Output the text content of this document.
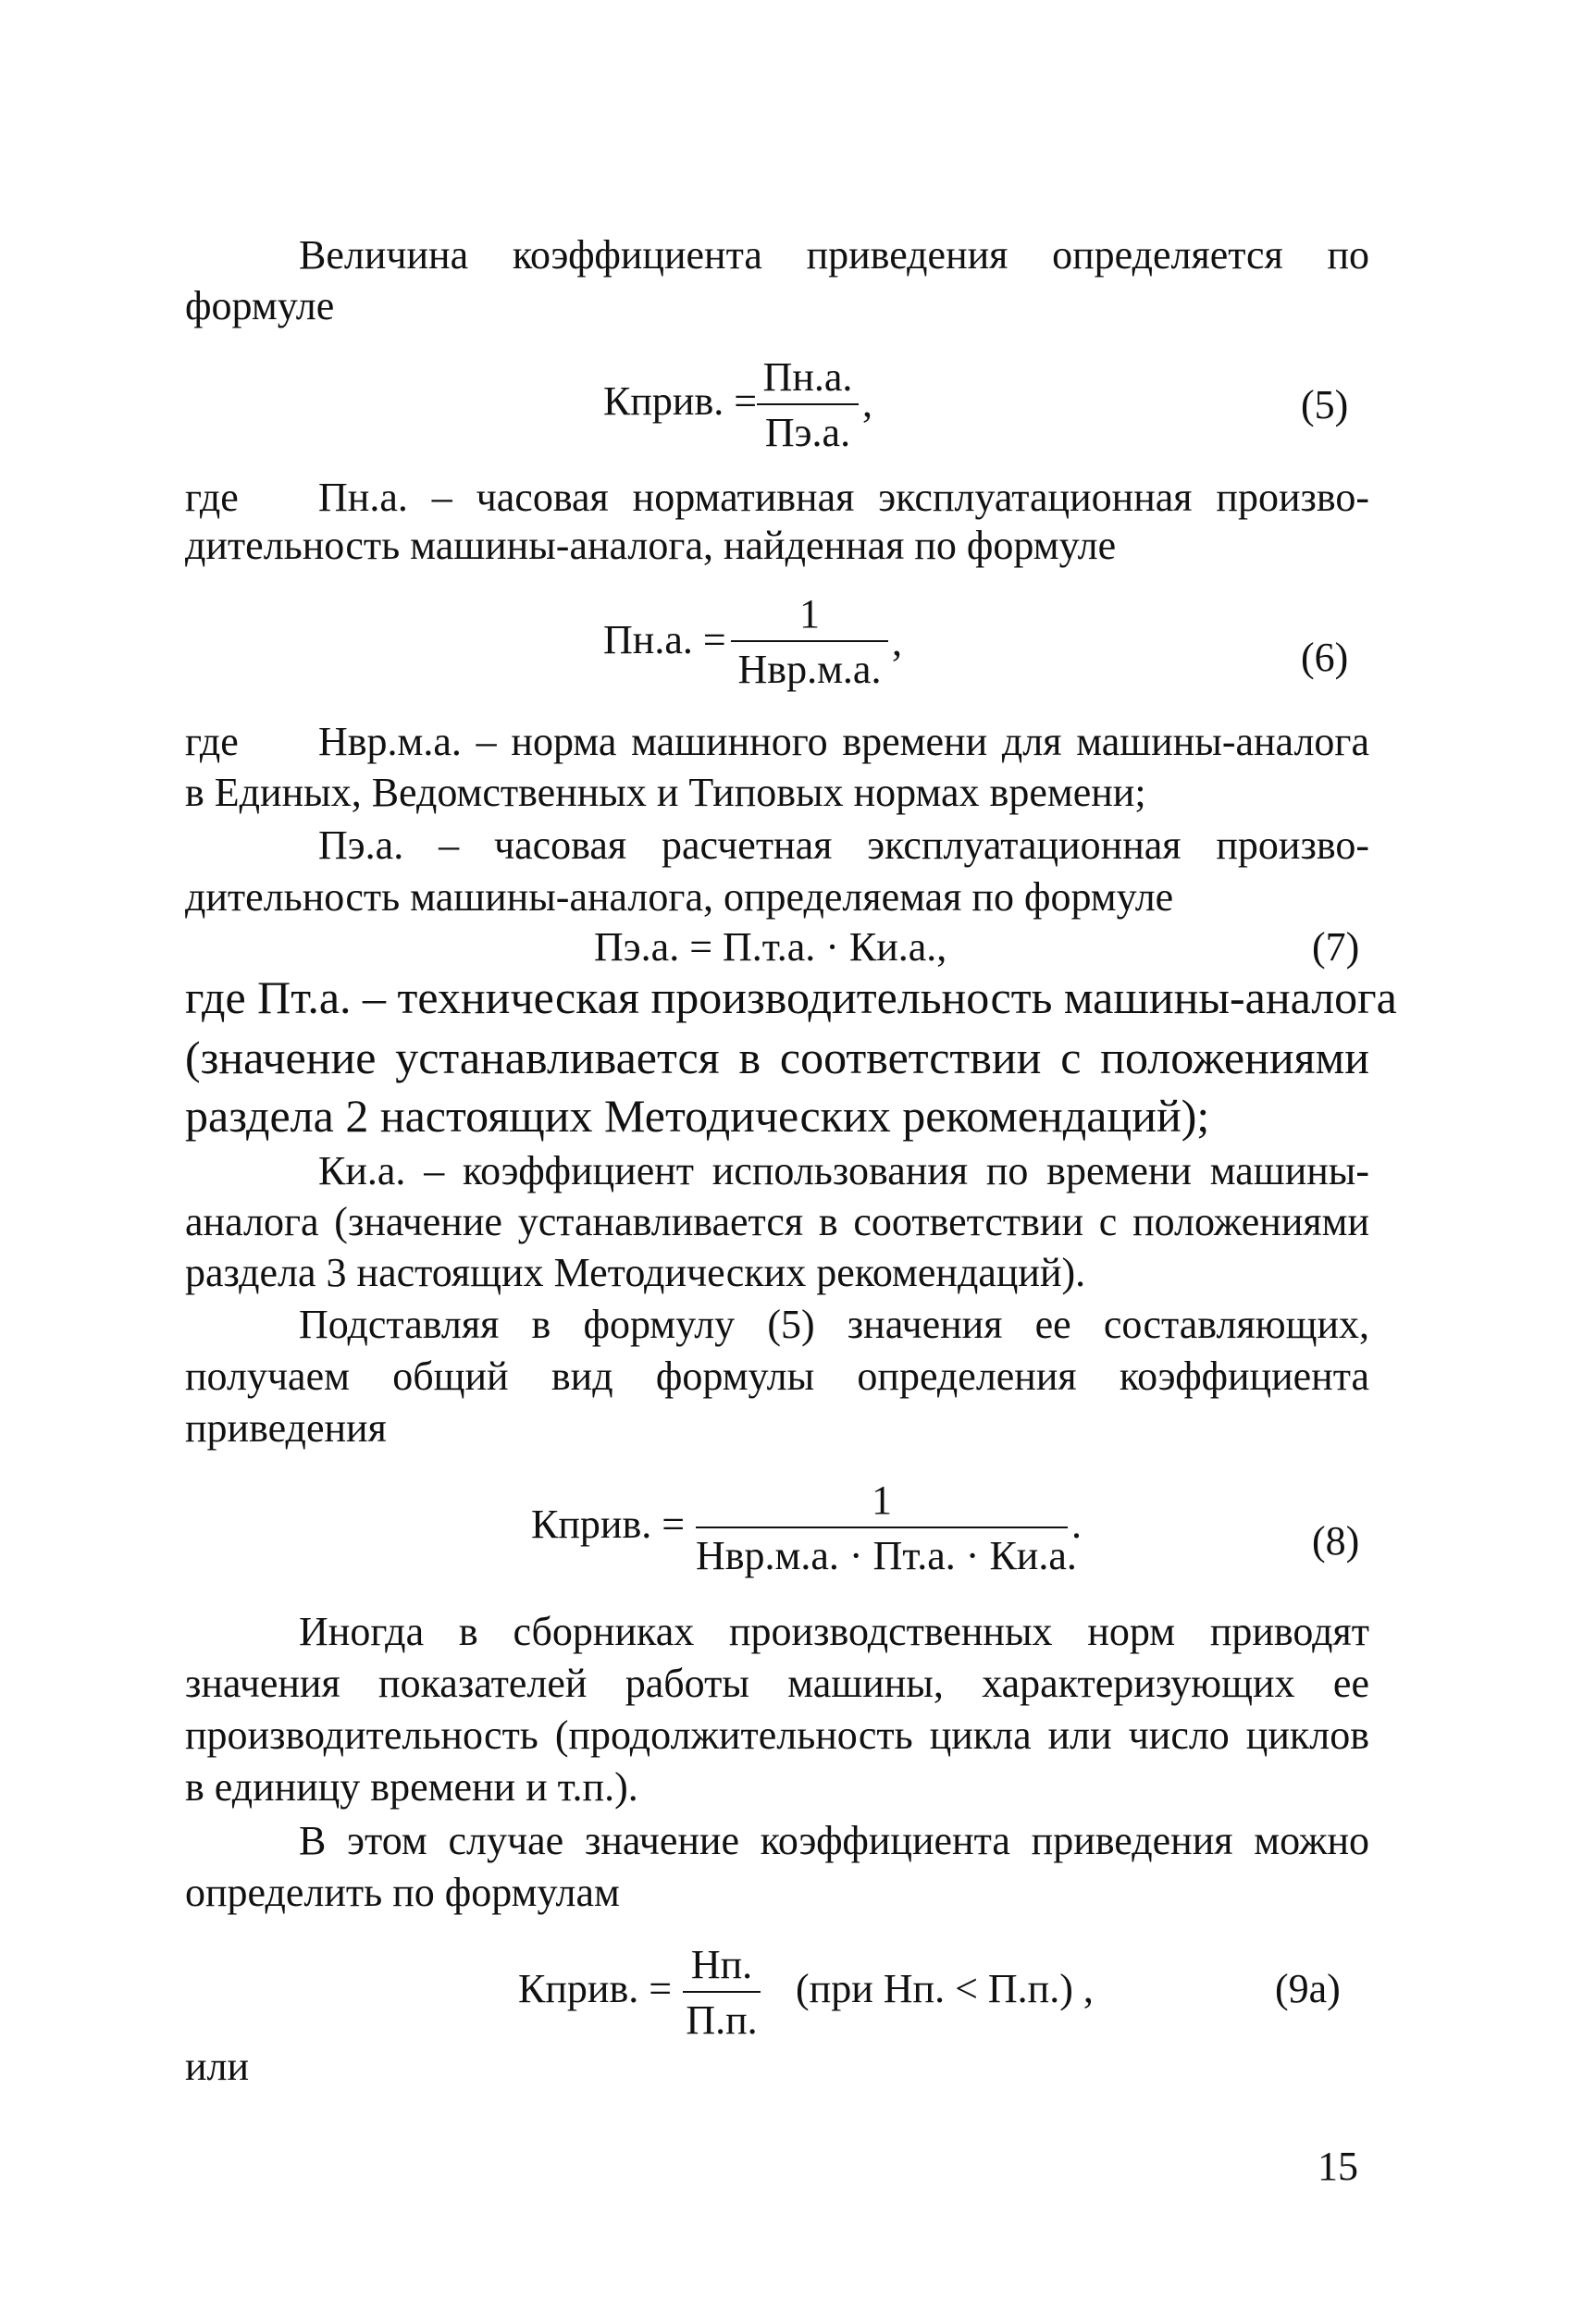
Величина коэффициента приведения определяется по
формуле
Кприв. =
Пн.а.
Пэ.а.
,	(5)
где	Пн.а. – часовая нормативная эксплуатационная произво-
дительность машины-аналога, найденная по формуле
Пн.а. =
1
Нвр.м.а.
,	(6)
где	Нвр.м.а. – норма машинного времени для машины-аналога
в Единых, Ведомственных и Типовых нормах времени;
Пэ.а. – часовая расчетная эксплуатационная произво-
дительность машины-аналога, определяемая по формуле
Пэ.а. = П.т.а. · Ки.а.,	(7)
где Пт.а. – техническая производительность машины-аналога
(значение устанавливается в соответствии с положениями
раздела 2 настоящих Методических рекомендаций);
Ки.а. – коэффициент использования по времени машины-
аналога (значение устанавливается в соответствии с положениями
раздела 3 настоящих Методических рекомендаций).
Подставляя в формулу (5) значения ее составляющих,
получаем общий вид формулы определения коэффициента
приведения
Кприв. =
1
Нвр.м.а. · Пт.а. · Ки.а.
.	(8)
Иногда в сборниках производственных норм приводят
значения показателей работы машины, характеризующих ее
производительность (продолжительность цикла или число циклов
в единицу времени и т.п.).
В этом случае значение коэффициента приведения можно
определить по формулам
Кприв. =
Нп.
П.п.
(при Нп. < П.п.) ,	(9а)
или
15
